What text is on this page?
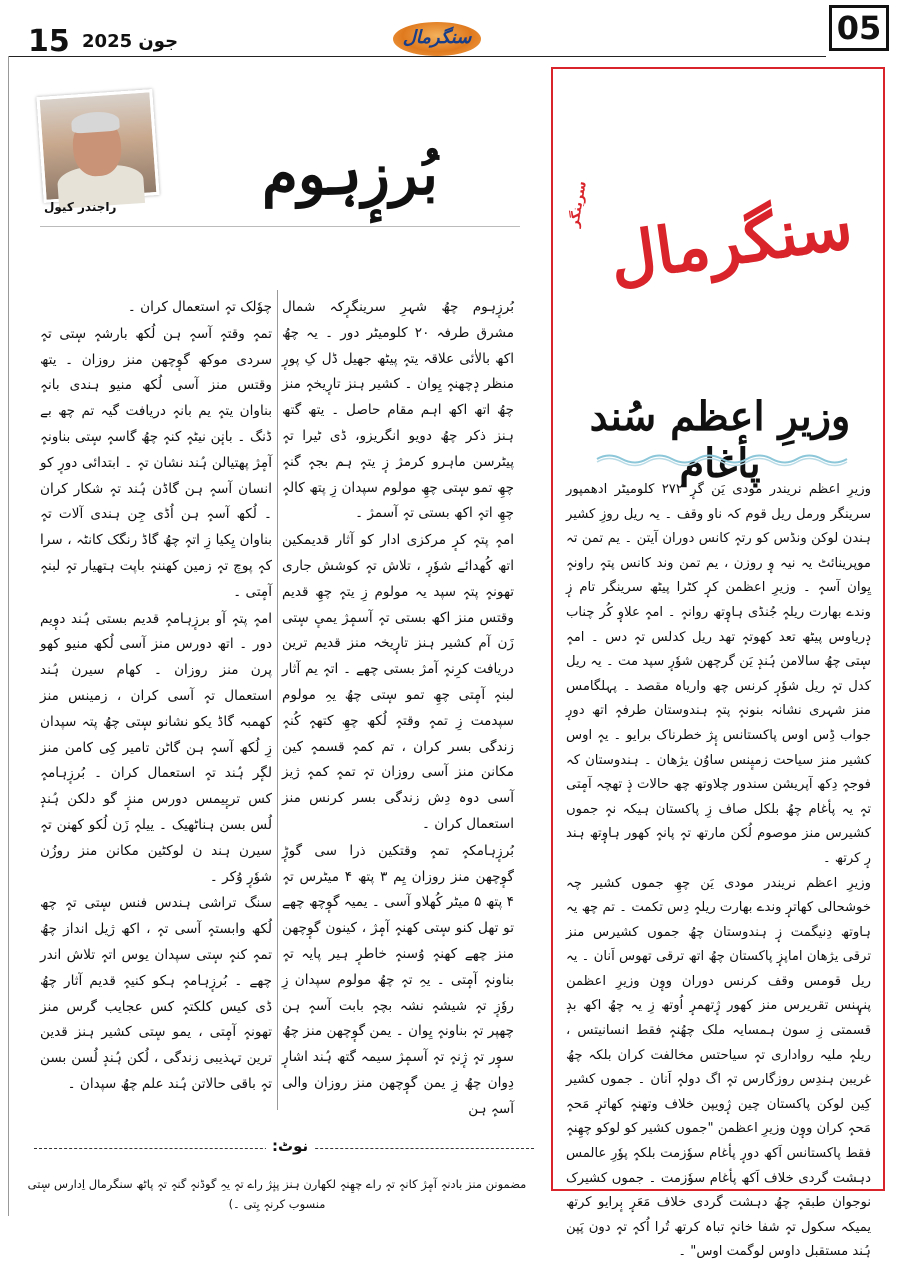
15	جون 2025	سنگرمال	05
راجندر کیول	بُرزٕہوم

بُرزٕہوم چھُ شہرِ سرینگرٕکہ شمال مشرق طرفہ ۲۰ کلومیٹر دور ۔ یہ چھُ اکھ بالاٰئی علاقہ یتہٕ پیٹھ جھیل ڈل کِ پورٕ منظر دٕچھنہٕ یِوان ۔ کشیر ہنز تارٕیخہٕ منز چھُ اتھ اکھ اہم مقام حاصل ۔ یتھ گتھ ہنز ذکر چھُ دویو انگریزو، ڈی ٹیرا تہٕ پیٹرسن ماہرو کرمژ زٕ یتہٕ ہم بجہٕ گنہٕ چھِ تمو سٕتی چھِ مولوم سپدان زِ پتھ کالہٕ چھِ اتہٕ اکھ بستی تہٕ آسمژ ۔

امہٕ پتہٕ کرٕ مرکزی ادار کو آثار قدیمکین اتھ کُھدائے شوٗرٕ ، تلاش تہٕ کوشش جاری تھونہٕ پتہٕ سپد یہ مولوم زِ یتہٕ چھِ قدیم وقتس منز اکھ بستی تہٕ آسمٕژ یمیٕ سٕتی زَن آم کشیر ہنز تارٕیخہ منز قدیم ترین دریافت کرِنہٕ آمژ بستی چھے ۔ اتہٕ یم آثار لبنہٕ آمٕتی چھِ تمو سٕتی چھُ یہِ مولوم سپدمت زِ تمہٕ وقتہٕ لُکھ چھِ کتھہٕ کُنہٕ زندگی بسر کران ، تم کمہٕ قسمہٕ کین مکانن منز آسی روزان تہٕ تمہٕ کمہٕ ژیز آسی دوہ دِش زندگی بسر کرنس منز استعمال کران ۔

بُرزٕہامکہٕ تمہٕ وقتکین ذرا سی گوڑٕ گوٕچھن منز روزان یِم ۳ پتھ ۴ میٹرس تہٕ ۴ پتھ ۵ میٹر کُھلاو آسی ۔ یمیہ گوٕچھ چھے تو تھل کنو سٕتی کھنہٕ آمٕژ ، کینون گوٕچھن منز چھے کھنہٕ وُسنہٕ خاطرٕ ہیر پایہ تہٕ بناونہٕ آمٕتی ۔ یہِ تہٕ چھُ مولوم سپدان زِ روٗزٕ تہٕ شیشہٕ نشہ بچہٕ بابت آسہٕ ہن چھپر تہٕ بناونہٕ یِوان ۔ یمن گوٕچھن منز چھُ سوٕر تہٕ ژٕنہٕ تہٕ آسمٕژ سیمہ گتھ ہُند اشارٕ دِوان چھُ زِ یمن گوٕچھن منز روزان والی آسہٕ ہن

چوٗلک تہٕ استعمال کران ۔

تمہٕ وقتہٕ آسہٕ ہن لُکھ بارشہٕ سٕتی تہٕ سردی موکھ گوٕچھن منز روزان ۔ یتھ وقتس منز آسی لُکھ منیو ہندی بانہٕ بناوان یتہٕ یم بانہٕ دریافت گیہ تم چھ بے ڈنگ ۔ بانٕن نیٹہٕ کنہٕ چھُ گاسہٕ سٕتی بناونہٕ آمٕژ پھتیالن ہُند نشان تہٕ ۔ ابتدائی دورٕ کو انسان آسہٕ ہن گاڈن ہُند تہٕ شکار کران ۔ لُکھ آسہٕ ہن اُڈی جِن ہندی آلات تہٕ بناوان یِکیا زِ اتہٕ چھُ گاڈ رنگک کانٹہ ، سرا کہٕ پوچ تہٕ زمین کھننہٕ باپت ہتھیار تہٕ لبنہٕ آمٕتی ۔

امہٕ پتہٕ آو برزٕہامہٕ قدیم بستی ہُند دوٕیم دور ۔ اتھ دورس منز آسی لُکھ منیو کھو پرن منز روزان ۔ کھام سیرن ہُند استعمال تہٕ آسی کران ، زمینس منز کھمبہ گاڈ یکو نشانو سٕتی چھُ پتہ سپدان زِ لُکھ آسہٕ ہن گاٹن تامیر کِی کامن منز لگٕر ہُند تہٕ استعمال کران ۔ بُرزٕہامہٕ کس تریٕیمس دورس منزٕ گو دلکن ہُندٕ لُس بسن ہناٹھیک ۔ ییلہٕ زَن لُکو کھنن تہٕ سیرن ہند ن لوکٹین مکانن منز روزُن شوٗرٕ وُکر ۔

سنگ تراشی ہندس فنس سٕتی تہٕ چھ لُکھ وابستہٕ آسی تہٕ ، اکھ ژیل انداز چھُ تمہٕ کنہٕ سٕتی سپدان یوس اتہٕ تلاش اندر چھے ۔ بُرزٕہامہٕ ہکو کنیہٕ قدیم آثار چھُ ڈی کیس کلکتہٕ کس عجایب گرس منز تھونہٕ آمٕتی ، یمو سٕتی کشیر ہنز قدین ترین تہذیبی زندگی ، لُکن ہُندٕ لُسن بسن تہٕ باقی حالاتن ہُند علم چھُ سپدان ۔

نوٹ:
مضمونن منز بادنہٕ آمٕژ کانہٕ تہٕ راے چھِنہٕ لکھارن ہنز پنٕژ راے تہٕ یہِ گوڈنہٕ گنہٕ تہٕ پاٹھ سنگرمال اِدارس سٕتی منسوب کرنہٕ یِتی ۔)
سنگرمال
سرینگر
وزیرِ اعظم سُند پأغام

وزیرِ اعظم نریندر مودی یَن گرٕ ۲۷۲ کلومیٹر ادھمپور سرینگر ورمل ریل قوم کہ ناو وقف ۔ یہ ریل روزِ کشیر ہندن لوکن ونڈس کو رتہٕ کانس دوران آیتن ۔ یم تمن تہ موپرینائٹ یہ نیہ وٕ روزن ، یم تمن وند کانس پتہٕ راونہٕ یِوان آسہٕ ۔ وزیرِ اعظمن کرٕ کٹرا پیٹھ سرینگر تام زٕ وندے بھارت ریلہٕ جُنڈی ہاوٕتھ روانہٕ ۔ امہٕ علاوٕ کُر چناب دٕریاوس پیٹھ تعد کھوتہٕ تھد ریل کدلس تہٕ دس ۔ امہٕ سٕتی چھُ سالامن ہُندٕ یَن گرچھن شوٗرٕ سپد مت ۔ یہ ریل کدل تہٕ ریل شوٗرٕ کرنس چھ واریاہ مقصد ۔ پہلگامس منز شہری نشانہ بنونہٕ پتہٕ ہندوستان طرفہٕ اتھ دورٕ جواب ڈِس اوس پاکستانس پٕژ خطرناک برایو ۔ یہٕ اوس کشیر منز سیاحت زمیٕنس ساوُن یژھان ۔ ہندوستان کہ فوجہٕ دِکھ آپریشن سندور چلاوتھ چھ حالات ذٕ تھچہ آمٕتی تہٕ یہ پأغام چھُ بلکل صاف زِ پاکستان ہیکہ نہٕ جموں کشیرس منز موصوم لُکن مارتھ تہٕ پانہٕ کھور ہاوٕتھ ہند رٕ کرتھ ۔

وزیرِ اعظم نریندر مودی یَن چھِ جموں کشیر چہ خوشحالی کھاترٕ وندے بھارت ریلہٕ دِس تکمت ۔ تم چھ یہ ہاوتھ دِنیگمت زٕ ہندوستان چھُ جموں کشیرس منز ترقی یژھان اماپزٕ پاکستان چھُ اتھ ترقی تھوس اَنان ۔ یہ ریل قومس وقف کرنس دوران ووٕن وزیرِ اعظمن پنہٕنس تقریرس منز کھور ژٕتھمرٕ اُوتھ زِ یہ چھُ اکھ بدٕ قسمتی زِ سون ہمسایہ ملک چھُنہٕ فقط انسانیتس ، ریلہٕ ملیہ رواداری تہٕ سیاحتس مخالفت کران بلکہ چھُ غریبن ہندِس روزگارس تہٕ اگ دولہٕ اَنان ۔ جموں کشیر کِین لوکن پاکستان چین ژٕویپن خلاف وتھنہٕ کھاترٕ مَحہٕ مَحہٕ کران ووٕن وزیرِ اعظمن "جموں کشیر کو لوکو چھِنہٕ فقط پاکستانس اَکھ دورٕ پأغام سوٗزمت بلکہٕ پوٗرِ عالمس دہشت گردی خلاف اَکھ پأغام سوٗزمت ۔ جموں کشیرک نوجوان طبقہٕ چھُ دہشت گردی خلاف مَعَرٕ بٕرایو کرتھ یمیکہ سکول تہٕ شفا خانہٕ تباہ کرتھ تُرا اُکہٕ تہٕ دون پَپن ہُند مستقبل داوس لوگمت اوس" ۔
